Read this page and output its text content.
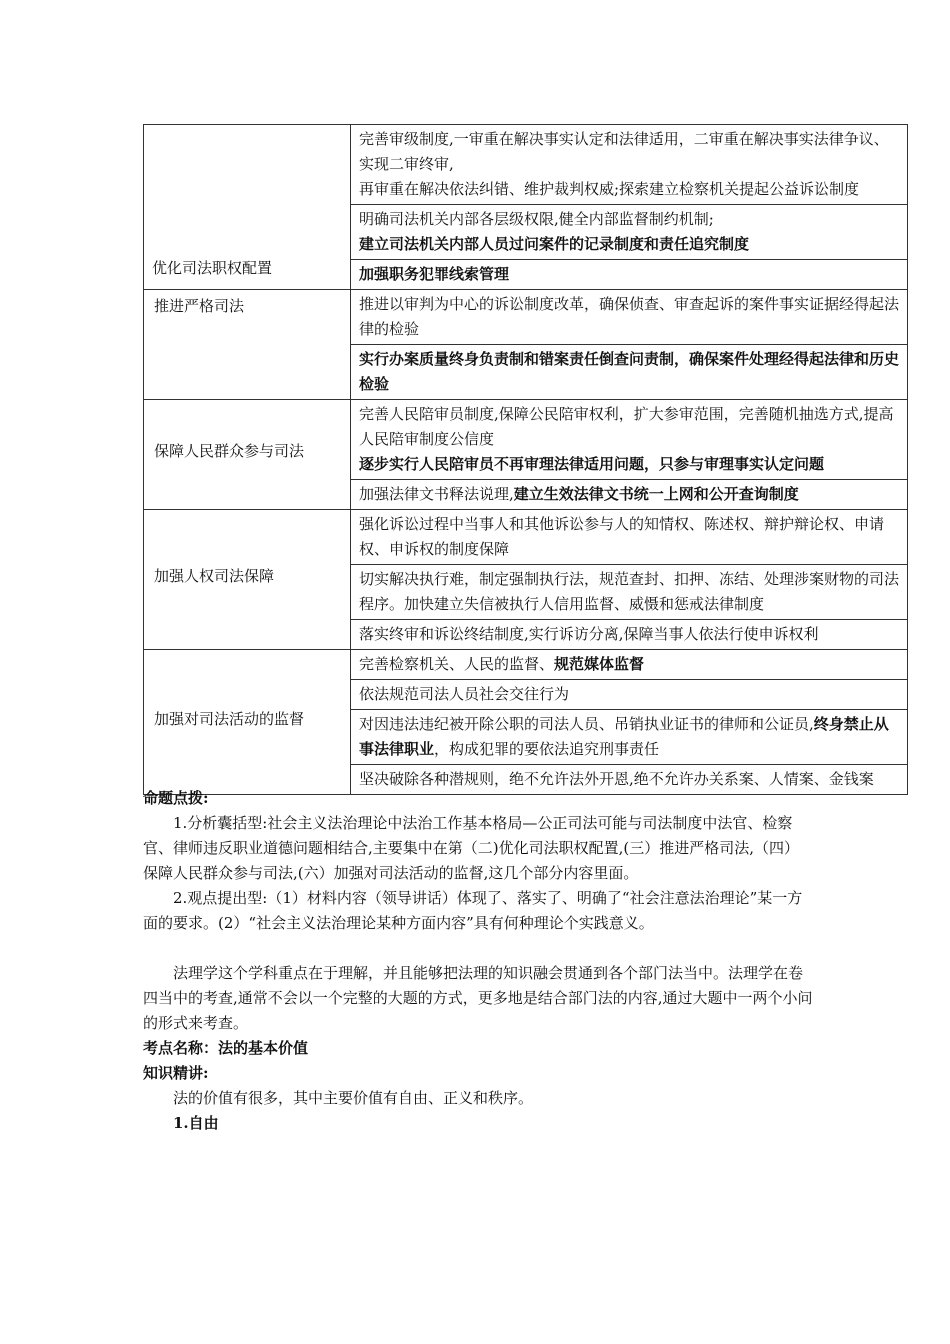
优化司法职权配置	完善审级制度,一审重在解决事实认定和法律适用，二审重在解决事实法律争议、实现二审终审,
再审重在解决依法纠错、维护裁判权威;探索建立检察机关提起公益诉讼制度
	明确司法机关内部各层级权限,健全内部监督制约机制;
建立司法机关内部人员过问案件的记录制度和责任追究制度
	加强职务犯罪线索管理
推进严格司法	推进以审判为中心的诉讼制度改革，确保侦查、审查起诉的案件事实证据经得起法律的检验
	实行办案质量终身负责制和错案责任倒查问责制，确保案件处理经得起法律和历史检验
保障人民群众参与司法	完善人民陪审员制度,保障公民陪审权利，扩大参审范围，完善随机抽选方式,提高人民陪审制度公信度
逐步实行人民陪审员不再审理法律适用问题，只参与审理事实认定问题
	加强法律文书释法说理,建立生效法律文书统一上网和公开查询制度
加强人权司法保障	强化诉讼过程中当事人和其他诉讼参与人的知情权、陈述权、辩护辩论权、申请权、申诉权的制度保障
	切实解决执行难，制定强制执行法，规范查封、扣押、冻结、处理涉案财物的司法程序。加快建立失信被执行人信用监督、威慑和惩戒法律制度
	落实终审和诉讼终结制度,实行诉访分离,保障当事人依法行使申诉权利
加强对司法活动的监督	完善检察机关、人民的监督、规范媒体监督
	依法规范司法人员社会交往行为
	对因违法违纪被开除公职的司法人员、吊销执业证书的律师和公证员,终身禁止从事法律职业，构成犯罪的要依法追究刑事责任
	坚决破除各种潜规则，绝不允许法外开恩,绝不允许办关系案、人情案、金钱案

命题点拨:

1.分析囊括型:社会主义法治理论中法治工作基本格局—公正司法可能与司法制度中法官、检察官、律师违反职业道德问题相结合,主要集中在第（二)优化司法职权配置,(三）推进严格司法,（四）保障人民群众参与司法,(六）加强对司法活动的监督,这几个部分内容里面。

2.观点提出型:（1）材料内容（领导讲话）体现了、落实了、明确了“社会注意法治理论”某一方面的要求。(2）“社会主义法治理论某种方面内容”具有何种理论个实践意义。

法理学这个学科重点在于理解，并且能够把法理的知识融会贯通到各个部门法当中。法理学在卷四当中的考查,通常不会以一个完整的大题的方式，更多地是结合部门法的内容,通过大题中一两个小问的形式来考查。

考点名称：法的基本价值

知识精讲:

法的价值有很多，其中主要价值有自由、正义和秩序。

1.自由
